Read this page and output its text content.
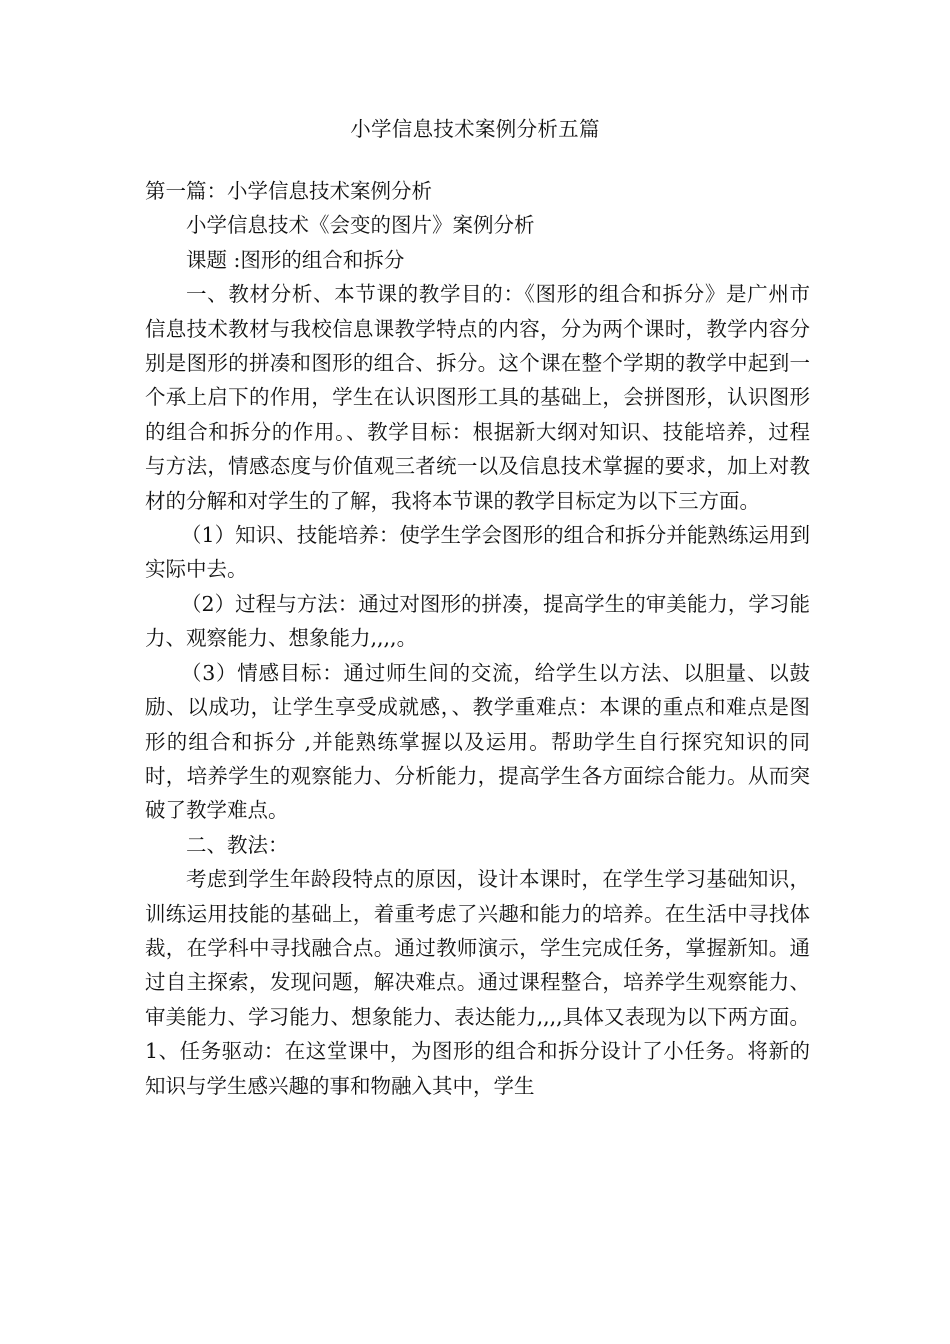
小学信息技术案例分析五篇

第一篇：小学信息技术案例分析

小学信息技术《会变的图片》案例分析

课题 :图形的组合和拆分

一、教材分析、本节课的教学目的：《图形的组合和拆分》是广州市信息技术教材与我校信息课教学特点的内容，分为两个课时，教学内容分别是图形的拼凑和图形的组合、拆分。这个课在整个学期的教学中起到一个承上启下的作用，学生在认识图形工具的基础上，会拼图形，认识图形的组合和拆分的作用。、教学目标：根据新大纲对知识、技能培养，过程与方法，情感态度与价值观三者统一以及信息技术掌握的要求，加上对教材的分解和对学生的了解，我将本节课的教学目标定为以下三方面。

（1）知识、技能培养：使学生学会图形的组合和拆分并能熟练运用到实际中去。

（2）过程与方法：通过对图形的拼凑，提高学生的审美能力，学习能力、观察能力、想象能力,,,,。

（3）情感目标：通过师生间的交流，给学生以方法、以胆量、以鼓励、以成功，让学生享受成就感，、教学重难点：本课的重点和难点是图形的组合和拆分 ,并能熟练掌握以及运用。帮助学生自行探究知识的同时，培养学生的观察能力、分析能力，提高学生各方面综合能力。从而突破了教学难点。

二、教法：

考虑到学生年龄段特点的原因，设计本课时，在学生学习基础知识，训练运用技能的基础上，着重考虑了兴趣和能力的培养。在生活中寻找体裁，在学科中寻找融合点。通过教师演示，学生完成任务，掌握新知。通过自主探索，发现问题，解决难点。通过课程整合，培养学生观察能力、审美能力、学习能力、想象能力、表达能力,,,,具体又表现为以下两方面。1、任务驱动：在这堂课中，为图形的组合和拆分设计了小任务。将新的知识与学生感兴趣的事和物融入其中，学生
